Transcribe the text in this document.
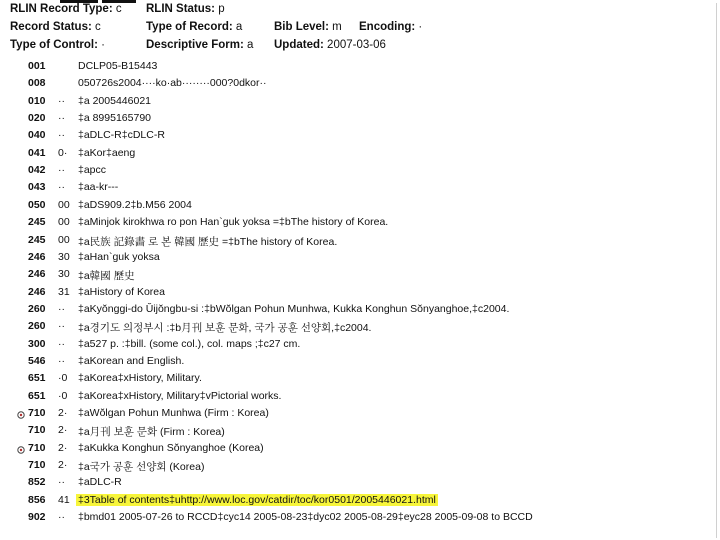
RLIN Record Type: c RLIN Status: p
Record Status: c	Type of Record: a	Bib Level: m Encoding: ·
Type of Control: ·	Descriptive Form: a Updated: 2007-03-06
001	DCLP05-B15443
008	050726s2004····ko·ab········000?0dkor··
010	··	‡a 2005446021
020	··	‡a 8995165790
040	··	‡aDLC-R‡cDLC-R
041	0·	‡aKor‡aeng
042	··	‡apcc
043	··	‡aa-kr---
050	00 ‡aDS909.2‡b.M56 2004
245	00 ‡aMinjok kirokhwa ro pon Han`guk yoksa =‡bThe history of Korea.
245	00 ‡a民族 記錄畵 로 본 韓國 歷史 =‡bThe history of Korea.
246	30 ‡aHan`guk yoksa
246	30 ‡a韓國 歷史
246	31 ‡aHistory of Korea
260	··	‡aKyŏnggi-do Ŭijŏngbu-si :‡bWŏlgan Pohun Munhwa, Kukka Konghun Sŏnyanghoe,‡c2004.
260	··	‡a경기도 의정부시 :‡b月刊 보훈 문화, 국가 공훈 선양회,‡c2004.
300	··	‡a527 p. :‡bill. (some col.), col. maps ;‡c27 cm.
546	··	‡aKorean and English.
651	·0	‡aKorea‡xHistory, Military.
651	·0	‡aKorea‡xHistory, Military‡vPictorial works.
710	2·	‡aWŏlgan Pohun Munhwa (Firm : Korea)
710	2·	‡a月刊 보훈 문화 (Firm : Korea)
710	2·	‡aKukka Konghun Sŏnyanghoe (Korea)
710	2·	‡a국가 공훈 선양회 (Korea)
852	··	‡aDLC-R
856	41 ‡3Table of contents‡uhttp://www.loc.gov/catdir/toc/kor0501/2005446021.html
902	··	‡bmd01 2005-07-26 to RCCD‡cyc14 2005-08-23‡dyc02 2005-08-29‡eyc28 2005-09-08 to BCCD
